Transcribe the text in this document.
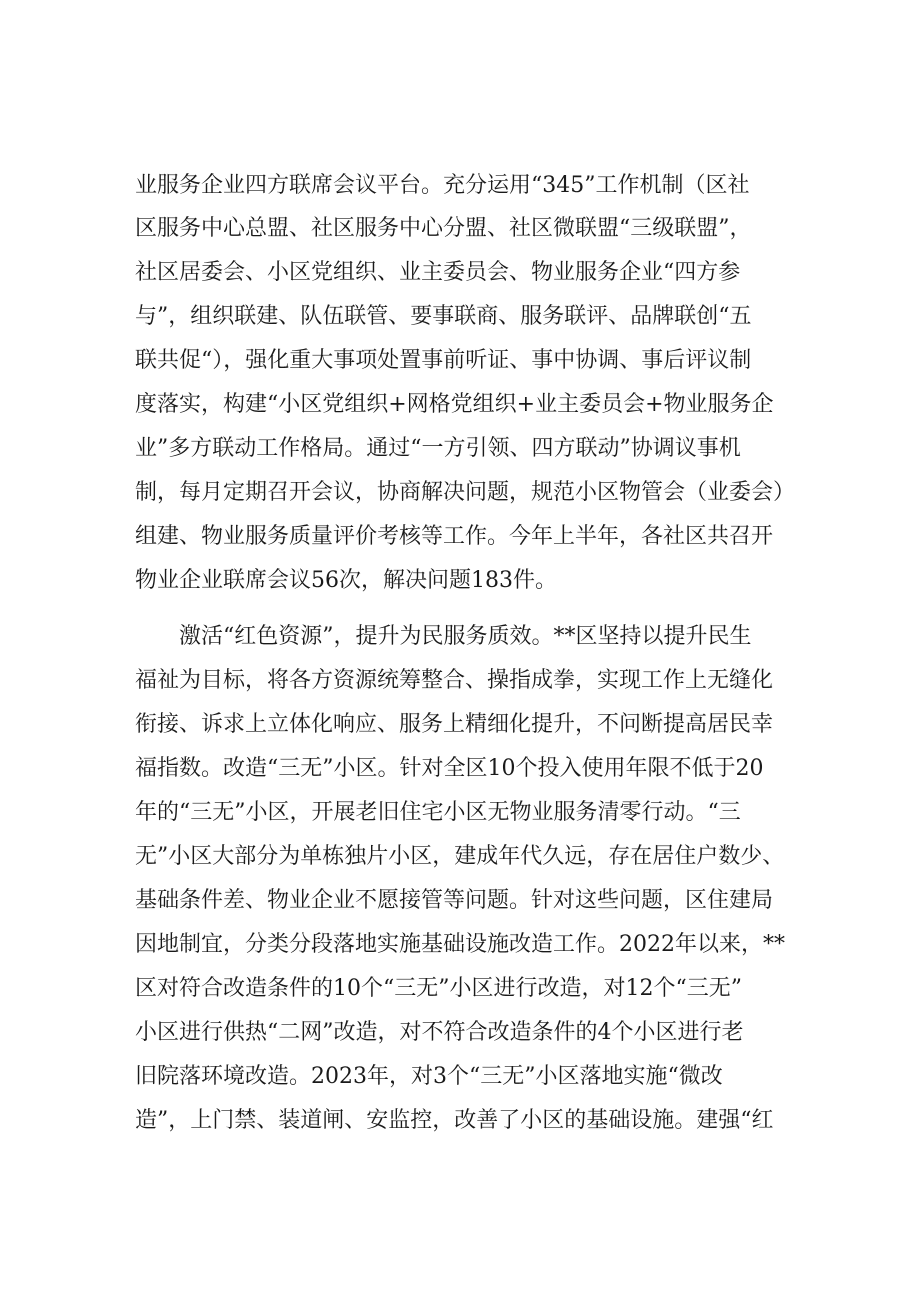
业服务企业四方联席会议平台。充分运用“345”工作机制（区社
区服务中心总盟、社区服务中心分盟、社区微联盟“三级联盟”，
社区居委会、小区党组织、业主委员会、物业服务企业“四方参
与”，组织联建、队伍联管、要事联商、服务联评、品牌联创“五
联共促“），强化重大事项处置事前听证、事中协调、事后评议制
度落实，构建“小区党组织+网格党组织+业主委员会+物业服务企
业”多方联动工作格局。通过“一方引领、四方联动”协调议事机
制，每月定期召开会议，协商解决问题，规范小区物管会（业委会）
组建、物业服务质量评价考核等工作。今年上半年，各社区共召开
物业企业联席会议56次，解决问题183件。
激活“红色资源”，提升为民服务质效。**区坚持以提升民生
福祉为目标，将各方资源统筹整合、操指成拳，实现工作上无缝化
衔接、诉求上立体化响应、服务上精细化提升，不问断提高居民幸
福指数。改造“三无”小区。针对全区10个投入使用年限不低于20
年的“三无”小区，开展老旧住宅小区无物业服务清零行动。“三
无”小区大部分为单栋独片小区，建成年代久远，存在居住户数少、
基础条件差、物业企业不愿接管等问题。针对这些问题，区住建局
因地制宜，分类分段落地实施基础设施改造工作。2022年以来，**
区对符合改造条件的10个“三无”小区进行改造，对12个“三无”
小区进行供热“二网”改造，对不符合改造条件的4个小区进行老
旧院落环境改造。2023年，对3个“三无”小区落地实施“微改
造”，上门禁、装道闸、安监控，改善了小区的基础设施。建强“红
